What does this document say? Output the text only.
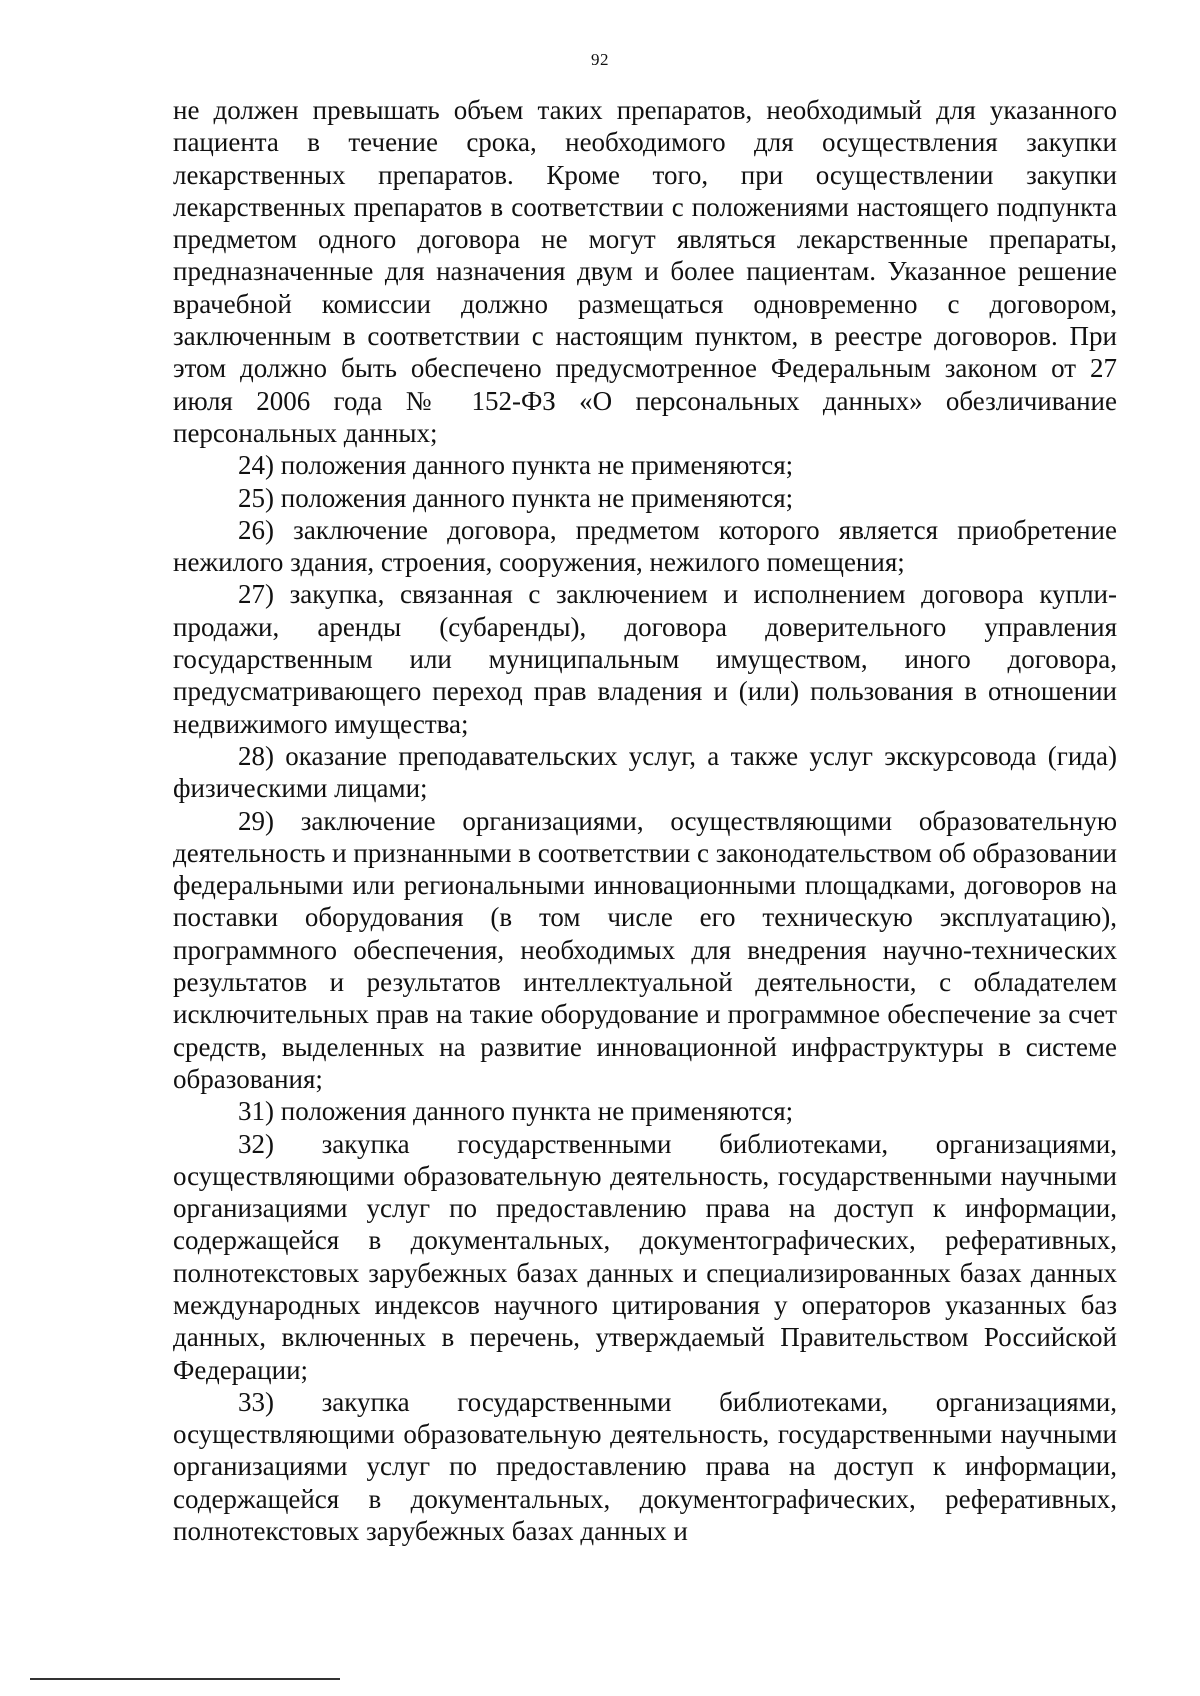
92

не должен превышать объем таких препаратов, необходимый для указанного пациента в течение срока, необходимого для осуществления закупки лекарственных препаратов. Кроме того, при осуществлении закупки лекарственных препаратов в соответствии с положениями настоящего подпункта предметом одного договора не могут являться лекарственные препараты, предназначенные для назначения двум и более пациентам. Указанное решение врачебной комиссии должно размещаться одновременно с договором, заключенным в соответствии с настоящим пунктом, в реестре договоров. При этом должно быть обеспечено предусмотренное Федеральным законом от 27 июля 2006 года № 152-ФЗ «О персональных данных» обезличивание персональных данных;

24) положения данного пункта не применяются;

25) положения данного пункта не применяются;

26) заключение договора, предметом которого является приобретение нежилого здания, строения, сооружения, нежилого помещения;

27) закупка, связанная с заключением и исполнением договора купли-продажи, аренды (субаренды), договора доверительного управления государственным или муниципальным имуществом, иного договора, предусматривающего переход прав владения и (или) пользования в отношении недвижимого имущества;

28) оказание преподавательских услуг, а также услуг экскурсовода (гида) физическими лицами;

29) заключение организациями, осуществляющими образовательную деятельность и признанными в соответствии с законодательством об образовании федеральными или региональными инновационными площадками, договоров на поставки оборудования (в том числе его техническую эксплуатацию), программного обеспечения, необходимых для внедрения научно-технических результатов и результатов интеллектуальной деятельности, с обладателем исключительных прав на такие оборудование и программное обеспечение за счет средств, выделенных на развитие инновационной инфраструктуры в системе образования;

31) положения данного пункта не применяются;

32) закупка государственными библиотеками, организациями, осуществляющими образовательную деятельность, государственными научными организациями услуг по предоставлению права на доступ к информации, содержащейся в документальных, документографических, реферативных, полнотекстовых зарубежных базах данных и специализированных базах данных международных индексов научного цитирования у операторов указанных баз данных, включенных в перечень, утверждаемый Правительством Российской Федерации;

33) закупка государственными библиотеками, организациями, осуществляющими образовательную деятельность, государственными научными организациями услуг по предоставлению права на доступ к информации, содержащейся в документальных, документографических, реферативных, полнотекстовых зарубежных базах данных и
